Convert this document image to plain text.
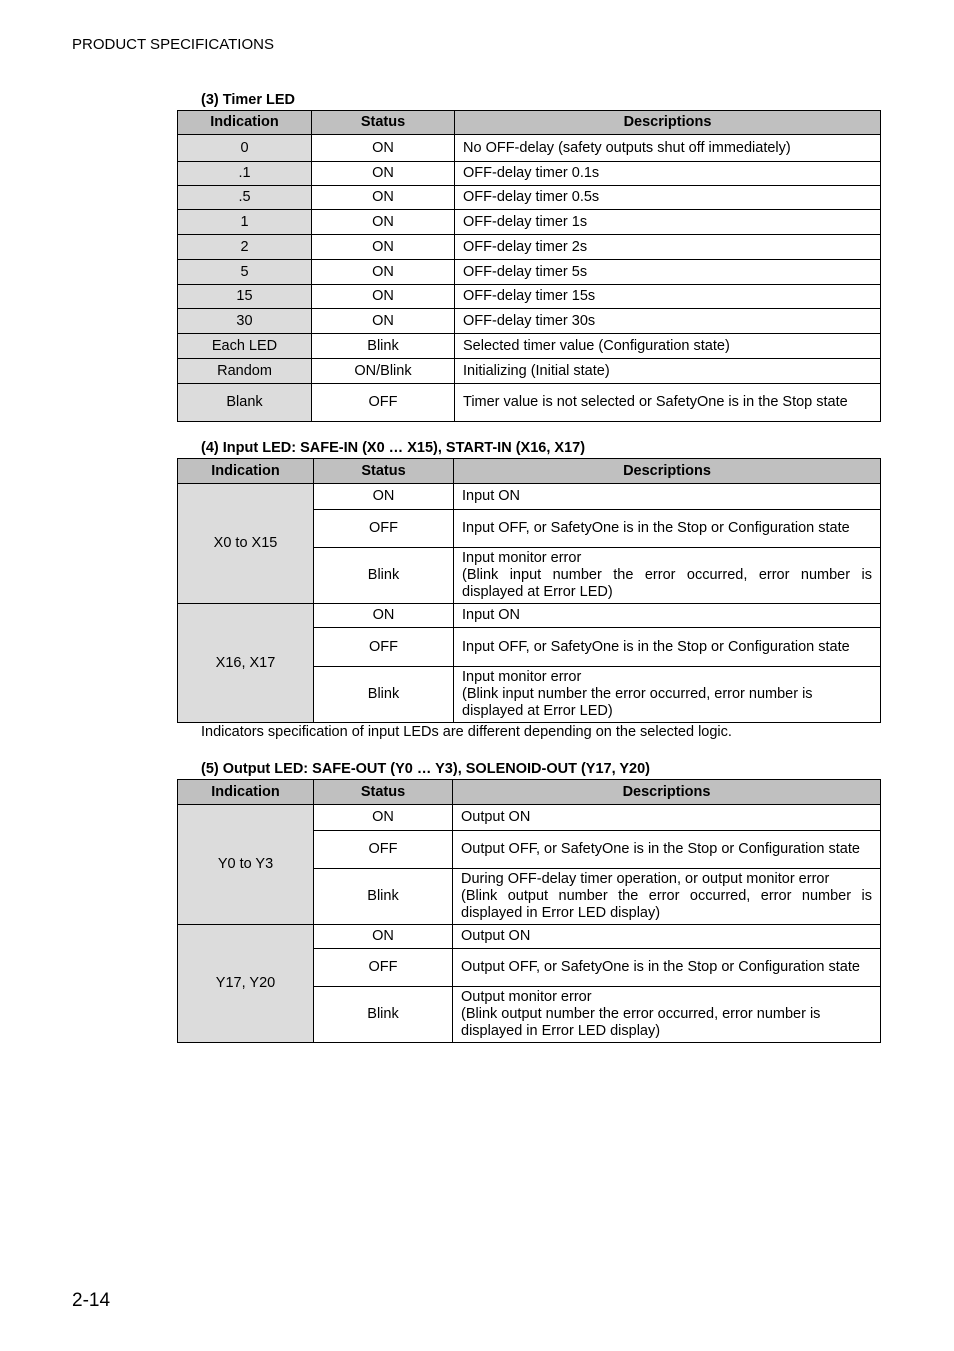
PRODUCT SPECIFICATIONS
(3) Timer LED
Indication	Status	Descriptions
0	ON	No OFF-delay (safety outputs shut off immediately)
.1	ON	OFF-delay timer 0.1s
.5	ON	OFF-delay timer 0.5s
1	ON	OFF-delay timer 1s
2	ON	OFF-delay timer 2s
5	ON	OFF-delay timer 5s
15	ON	OFF-delay timer 15s
30	ON	OFF-delay timer 30s
Each LED	Blink	Selected timer value (Configuration state)
Random	ON/Blink	Initializing (Initial state)
Blank	OFF	Timer value is not selected or SafetyOne is in the Stop state
(4) Input LED: SAFE-IN (X0 … X15), START-IN (X16, X17)
Indication	Status	Descriptions
X0 to X15	ON	Input ON
	OFF	Input OFF, or SafetyOne is in the Stop or Configuration state
	Blink	Input monitor error
(Blink input number the error occurred, error number is displayed at Error LED)

X16, X17	ON	Input ON
	OFF	Input OFF, or SafetyOne is in the Stop or Configuration state
	Blink	Input monitor error
(Blink input number the error occurred, error number is displayed at Error LED)
Indicators specification of input LEDs are different depending on the selected logic.
(5) Output LED: SAFE-OUT (Y0 … Y3), SOLENOID-OUT (Y17, Y20)
Indication	Status	Descriptions
Y0 to Y3	ON	Output ON
	OFF	Output OFF, or SafetyOne is in the Stop or Configuration state
	Blink	During OFF-delay timer operation, or output monitor error
(Blink output number the error occurred, error number is displayed in Error LED display)

Y17, Y20	ON	Output ON
	OFF	Output OFF, or SafetyOne is in the Stop or Configuration state
	Blink	Output monitor error
(Blink output number the error occurred, error number is displayed in Error LED display)
2-14
